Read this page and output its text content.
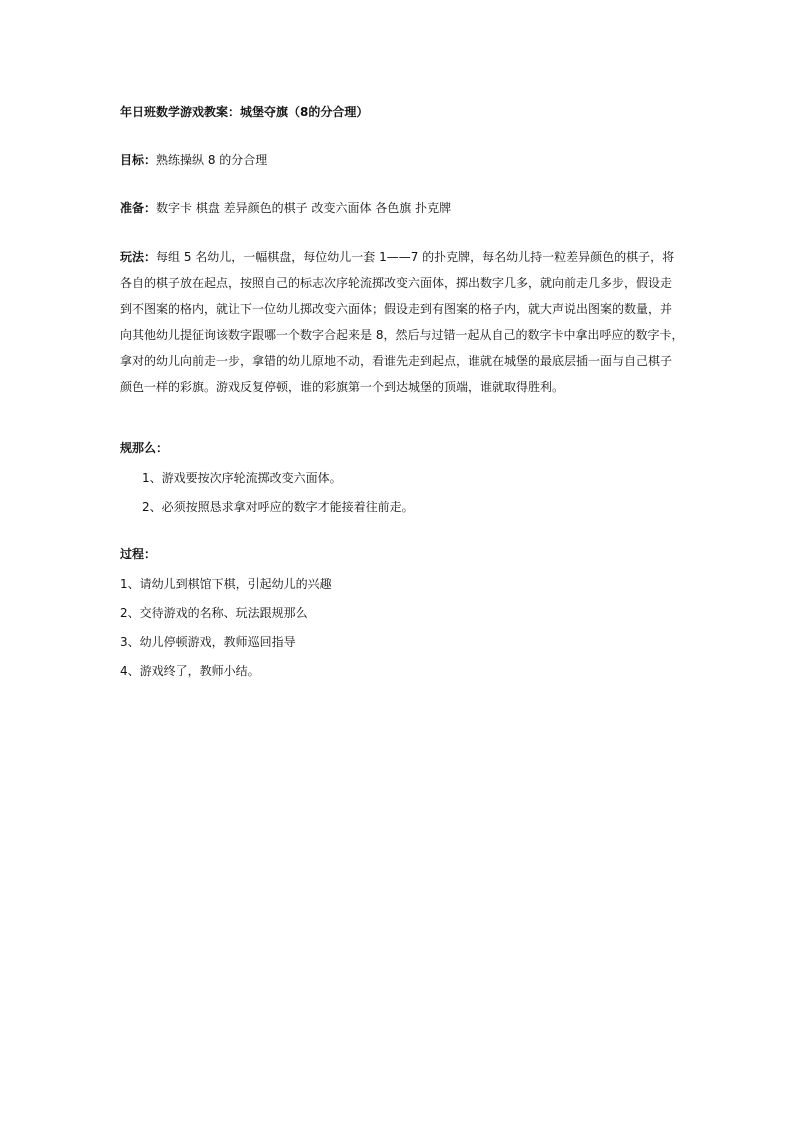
年日班数学游戏教案：城堡夺旗（8的分合理）
目标：熟练操纵 8 的分合理
准备：数字卡 棋盘 差异颜色的棋子 改变六面体 各色旗 扑克牌

玩法：每组 5 名幼儿，一幅棋盘，每位幼儿一套 1——7 的扑克牌，每名幼儿持一粒差异颜色的棋子，将

各自的棋子放在起点，按照自己的标志次序轮流掷改变六面体，掷出数字几多，就向前走几多步，假设走

到不图案的格内，就让下一位幼儿掷改变六面体；假设走到有图案的格子内，就大声说出图案的数量，并

向其他幼儿提征询该数字跟哪一个数字合起来是 8，然后与过错一起从自己的数字卡中拿出呼应的数字卡，

拿对的幼儿向前走一步，拿错的幼儿原地不动，看谁先走到起点，谁就在城堡的最底层插一面与自己棋子

颜色一样的彩旗。游戏反复停顿，谁的彩旗第一个到达城堡的顶端，谁就取得胜利。

规那么：
1、游戏要按次序轮流掷改变六面体。
2、必须按照恳求拿对呼应的数字才能接着往前走。
过程：
1、请幼儿到棋馆下棋，引起幼儿的兴趣
2、交待游戏的名称、玩法跟规那么
3、幼儿停顿游戏，教师巡回指导
4、游戏终了，教师小结。
